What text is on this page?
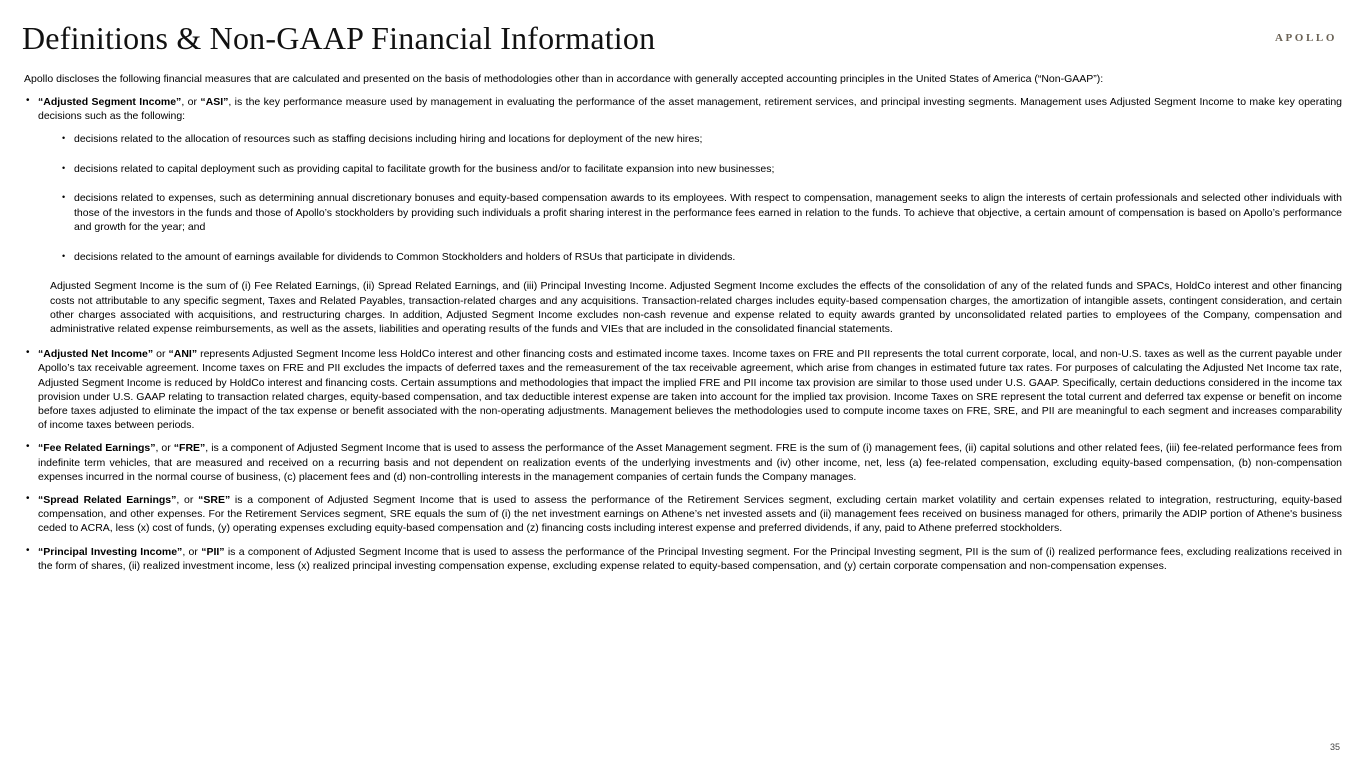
Definitions & Non-GAAP Financial Information	APOLLO

Apollo discloses the following financial measures that are calculated and presented on the basis of methodologies other than in accordance with generally accepted accounting principles in the United States of America (“Non-GAAP”):

• “Adjusted Segment Income”, or “ASI”, is the key performance measure used by management in evaluating the performance of the asset management, retirement services, and principal investing segments. Management uses Adjusted Segment Income to make key operating decisions such as the following:
• decisions related to the allocation of resources such as staffing decisions including hiring and locations for deployment of the new hires;
• decisions related to capital deployment such as providing capital to facilitate growth for the business and/or to facilitate expansion into new businesses;
• decisions related to expenses, such as determining annual discretionary bonuses and equity-based compensation awards to its employees. With respect to compensation, management seeks to align the interests of certain professionals and selected other individuals with those of the investors in the funds and those of Apollo’s stockholders by providing such individuals a profit sharing interest in the performance fees earned in relation to the funds. To achieve that objective, a certain amount of compensation is based on Apollo’s performance and growth for the year; and
• decisions related to the amount of earnings available for dividends to Common Stockholders and holders of RSUs that participate in dividends.

Adjusted Segment Income is the sum of (i) Fee Related Earnings, (ii) Spread Related Earnings, and (iii) Principal Investing Income. Adjusted Segment Income excludes the effects of the consolidation of any of the related funds and SPACs, HoldCo interest and other financing costs not attributable to any specific segment, Taxes and Related Payables, transaction-related charges and any acquisitions. Transaction-related charges includes equity-based compensation charges, the amortization of intangible assets, contingent consideration, and certain other charges associated with acquisitions, and restructuring charges. In addition, Adjusted Segment Income excludes non-cash revenue and expense related to equity awards granted by unconsolidated related parties to employees of the Company, compensation and administrative related expense reimbursements, as well as the assets, liabilities and operating results of the funds and VIEs that are included in the consolidated financial statements.

• “Adjusted Net Income” or “ANI” represents Adjusted Segment Income less HoldCo interest and other financing costs and estimated income taxes. Income taxes on FRE and PII represents the total current corporate, local, and non-U.S. taxes as well as the current payable under Apollo’s tax receivable agreement. Income taxes on FRE and PII excludes the impacts of deferred taxes and the remeasurement of the tax receivable agreement, which arise from changes in estimated future tax rates. For purposes of calculating the Adjusted Net Income tax rate, Adjusted Segment Income is reduced by HoldCo interest and financing costs. Certain assumptions and methodologies that impact the implied FRE and PII income tax provision are similar to those used under U.S. GAAP. Specifically, certain deductions considered in the income tax provision under U.S. GAAP relating to transaction related charges, equity-based compensation, and tax deductible interest expense are taken into account for the implied tax provision. Income Taxes on SRE represent the total current and deferred tax expense or benefit on income before taxes adjusted to eliminate the impact of the tax expense or benefit associated with the non-operating adjustments. Management believes the methodologies used to compute income taxes on FRE, SRE, and PII are meaningful to each segment and increases comparability of income taxes between periods.
• “Fee Related Earnings”, or “FRE”, is a component of Adjusted Segment Income that is used to assess the performance of the Asset Management segment. FRE is the sum of (i) management fees, (ii) capital solutions and other related fees, (iii) fee-related performance fees from indefinite term vehicles, that are measured and received on a recurring basis and not dependent on realization events of the underlying investments and (iv) other income, net, less (a) fee-related compensation, excluding equity-based compensation, (b) non-compensation expenses incurred in the normal course of business, (c) placement fees and (d) non-controlling interests in the management companies of certain funds the Company manages.
• “Spread Related Earnings”, or “SRE” is a component of Adjusted Segment Income that is used to assess the performance of the Retirement Services segment, excluding certain market volatility and certain expenses related to integration, restructuring, equity-based compensation, and other expenses. For the Retirement Services segment, SRE equals the sum of (i) the net investment earnings on Athene’s net invested assets and (ii) management fees received on business managed for others, primarily the ADIP portion of Athene's business ceded to ACRA, less (x) cost of funds, (y) operating expenses excluding equity-based compensation and (z) financing costs including interest expense and preferred dividends, if any, paid to Athene preferred stockholders.
• “Principal Investing Income”, or “PII” is a component of Adjusted Segment Income that is used to assess the performance of the Principal Investing segment. For the Principal Investing segment, PII is the sum of (i) realized performance fees, excluding realizations received in the form of shares, (ii) realized investment income, less (x) realized principal investing compensation expense, excluding expense related to equity-based compensation, and (y) certain corporate compensation and non-compensation expenses.
35
